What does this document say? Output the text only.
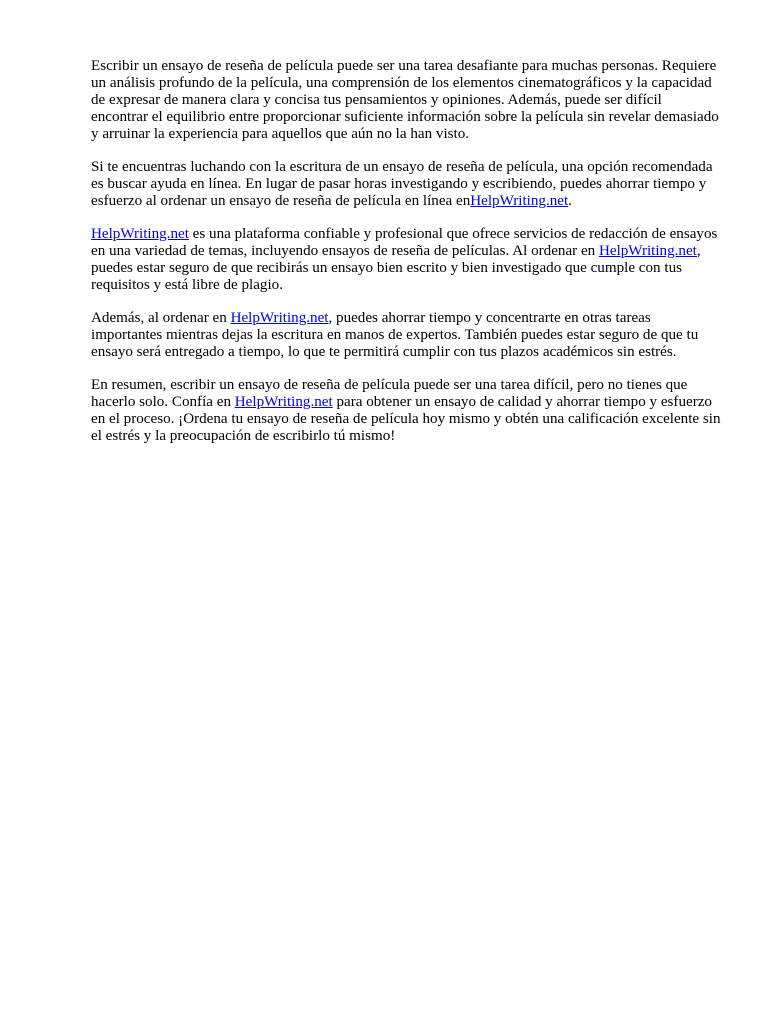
Escribir un ensayo de reseña de película puede ser una tarea desafiante para muchas personas. Requiere un análisis profundo de la película, una comprensión de los elementos cinematográficos y la capacidad de expresar de manera clara y concisa tus pensamientos y opiniones. Además, puede ser difícil encontrar el equilibrio entre proporcionar suficiente información sobre la película sin revelar demasiado y arruinar la experiencia para aquellos que aún no la han visto.

Si te encuentras luchando con la escritura de un ensayo de reseña de película, una opción recomendada es buscar ayuda en línea. En lugar de pasar horas investigando y escribiendo, puedes ahorrar tiempo y esfuerzo al ordenar un ensayo de reseña de película en línea enHelpWriting.net.

HelpWriting.net es una plataforma confiable y profesional que ofrece servicios de redacción de ensayos en una variedad de temas, incluyendo ensayos de reseña de películas. Al ordenar en HelpWriting.net, puedes estar seguro de que recibirás un ensayo bien escrito y bien investigado que cumple con tus requisitos y está libre de plagio.

Además, al ordenar en HelpWriting.net, puedes ahorrar tiempo y concentrarte en otras tareas importantes mientras dejas la escritura en manos de expertos. También puedes estar seguro de que tu ensayo será entregado a tiempo, lo que te permitirá cumplir con tus plazos académicos sin estrés.

En resumen, escribir un ensayo de reseña de película puede ser una tarea difícil, pero no tienes que hacerlo solo. Confía en HelpWriting.net para obtener un ensayo de calidad y ahorrar tiempo y esfuerzo en el proceso. ¡Ordena tu ensayo de reseña de película hoy mismo y obtén una calificación excelente sin el estrés y la preocupación de escribirlo tú mismo!
